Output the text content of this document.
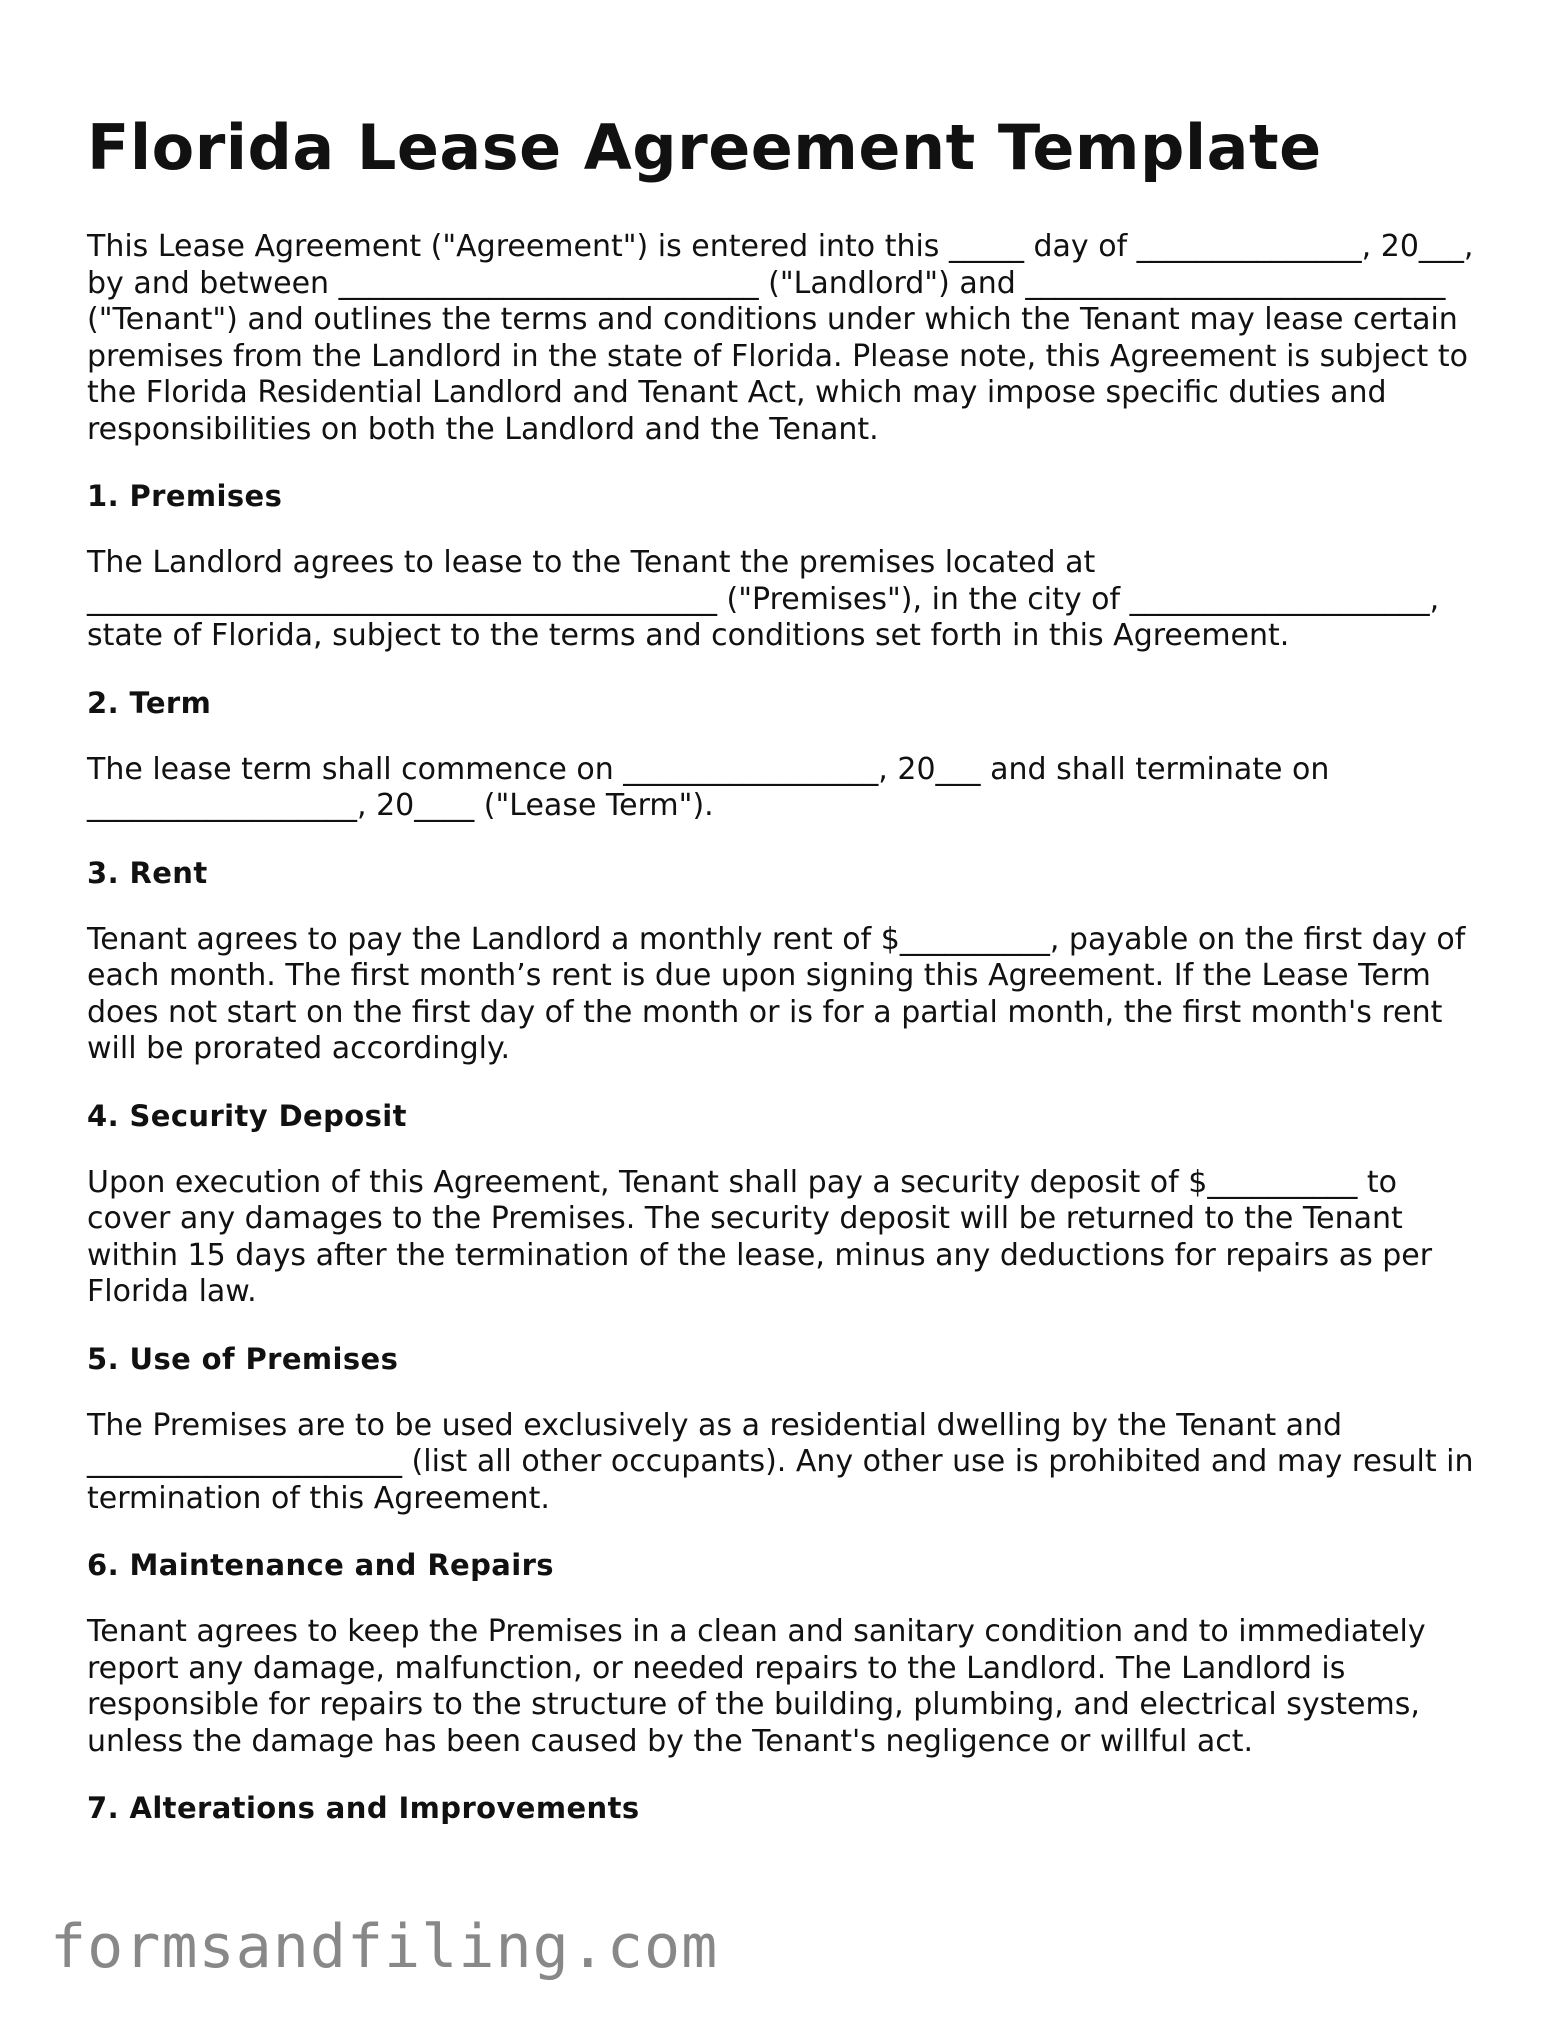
Florida Lease Agreement Template

This Lease Agreement ("Agreement") is entered into this _____ day of _______________, 20___, by and between ____________________________ ("Landlord") and ____________________________ ("Tenant") and outlines the terms and conditions under which the Tenant may lease certain premises from the Landlord in the state of Florida. Please note, this Agreement is subject to the Florida Residential Landlord and Tenant Act, which may impose specific duties and responsibilities on both the Landlord and the Tenant.

1. Premises

The Landlord agrees to lease to the Tenant the premises located at __________________________________________ ("Premises"), in the city of ____________________, state of Florida, subject to the terms and conditions set forth in this Agreement.

2. Term

The lease term shall commence on _________________, 20___ and shall terminate on __________________, 20____ ("Lease Term").

3. Rent

Tenant agrees to pay the Landlord a monthly rent of $__________, payable on the first day of each month. The first month’s rent is due upon signing this Agreement. If the Lease Term does not start on the first day of the month or is for a partial month, the first month's rent will be prorated accordingly.

4. Security Deposit

Upon execution of this Agreement, Tenant shall pay a security deposit of $__________ to cover any damages to the Premises. The security deposit will be returned to the Tenant within 15 days after the termination of the lease, minus any deductions for repairs as per Florida law.

5. Use of Premises

The Premises are to be used exclusively as a residential dwelling by the Tenant and _____________________ (list all other occupants). Any other use is prohibited and may result in termination of this Agreement.

6. Maintenance and Repairs

Tenant agrees to keep the Premises in a clean and sanitary condition and to immediately report any damage, malfunction, or needed repairs to the Landlord. The Landlord is responsible for repairs to the structure of the building, plumbing, and electrical systems, unless the damage has been caused by the Tenant's negligence or willful act.

7. Alterations and Improvements
formsandfiling.com
